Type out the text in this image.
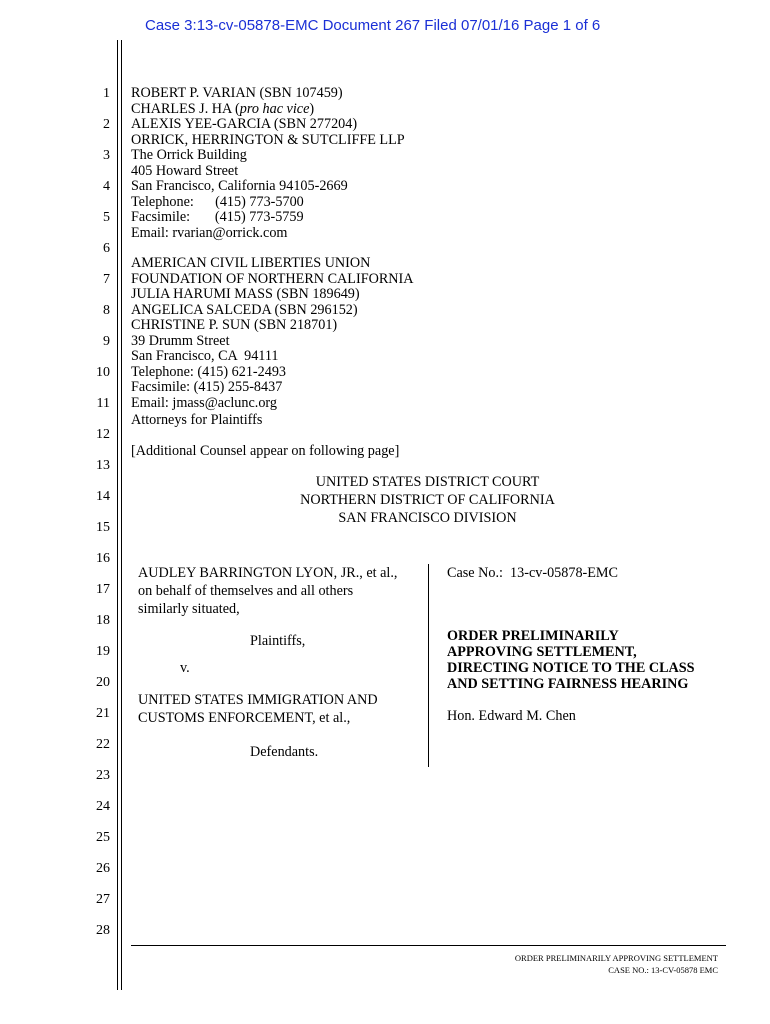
Case 3:13-cv-05878-EMC Document 267 Filed 07/01/16 Page 1 of 6
1
2
3
4
5
6
7
8
9
10
11
12
13
14
15
16
17
18
19
20
21
22
23
24
25
26
27
28
ROBERT P. VARIAN (SBN 107459)
CHARLES J. HA (pro hac vice)
ALEXIS YEE-GARCIA (SBN 277204)
ORRICK, HERRINGTON & SUTCLIFFE LLP
The Orrick Building
405 Howard Street
San Francisco, California 94105-2669
Telephone:      (415) 773-5700
Facsimile:       (415) 773-5759
Email: rvarian@orrick.com
AMERICAN CIVIL LIBERTIES UNION
FOUNDATION OF NORTHERN CALIFORNIA
JULIA HARUMI MASS (SBN 189649)
ANGELICA SALCEDA (SBN 296152)
CHRISTINE P. SUN (SBN 218701)
39 Drumm Street
San Francisco, CA  94111
Telephone: (415) 621-2493
Facsimile: (415) 255-8437
Email: jmass@aclunc.org
Attorneys for Plaintiffs
[Additional Counsel appear on following page]
UNITED STATES DISTRICT COURT
NORTHERN DISTRICT OF CALIFORNIA
SAN FRANCISCO DIVISION
AUDLEY BARRINGTON LYON, JR., et al.,
on behalf of themselves and all others
similarly situated,
Plaintiffs,
v.
UNITED STATES IMMIGRATION AND
CUSTOMS ENFORCEMENT, et al.,
Defendants.
Case No.:  13-cv-05878-EMC
ORDER PRELIMINARILY
APPROVING SETTLEMENT,
DIRECTING NOTICE TO THE CLASS
AND SETTING FAIRNESS HEARING
Hon. Edward M. Chen
ORDER PRELIMINARILY APPROVING SETTLEMENT
CASE NO.: 13-CV-05878 EMC
